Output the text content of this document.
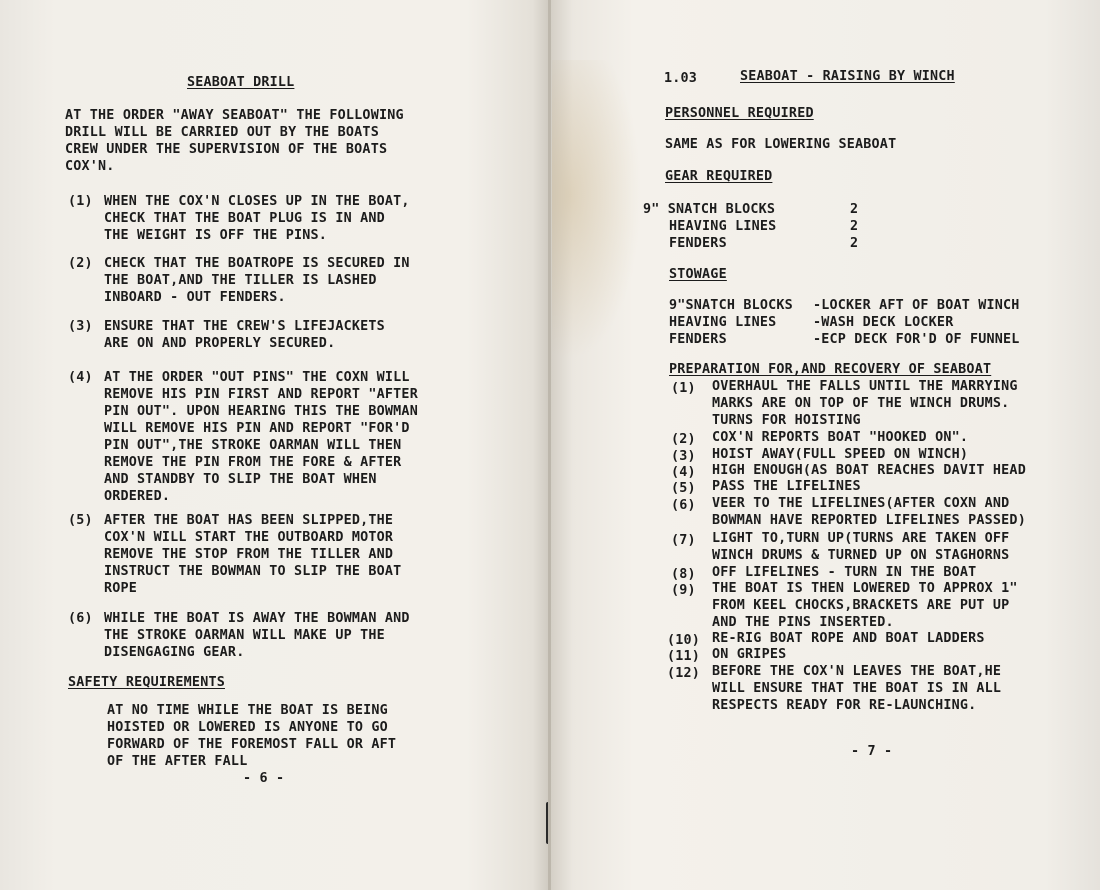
SEABOAT DRILL
AT THE ORDER "AWAY SEABOAT" THE FOLLOWING
DRILL WILL BE CARRIED OUT BY THE BOATS
CREW UNDER THE SUPERVISION OF THE BOATS
COX'N.
(1) WHEN THE COX'N CLOSES UP IN THE BOAT,
CHECK THAT THE BOAT PLUG IS IN AND
THE WEIGHT IS OFF THE PINS.
(2) CHECK THAT THE BOATROPE IS SECURED IN
THE BOAT,AND THE TILLER IS LASHED
INBOARD - OUT FENDERS.
(3) ENSURE THAT THE CREW'S LIFEJACKETS
ARE ON AND PROPERLY SECURED.
(4) AT THE ORDER "OUT PINS" THE COXN WILL
REMOVE HIS PIN FIRST AND REPORT "AFTER
PIN OUT". UPON HEARING THIS THE BOWMAN
WILL REMOVE HIS PIN AND REPORT "FOR'D
PIN OUT",THE STROKE OARMAN WILL THEN
REMOVE THE PIN FROM THE FORE & AFTER
AND STANDBY TO SLIP THE BOAT WHEN
ORDERED.
(5) AFTER THE BOAT HAS BEEN SLIPPED,THE
COX'N WILL START THE OUTBOARD MOTOR
REMOVE THE STOP FROM THE TILLER AND
INSTRUCT THE BOWMAN TO SLIP THE BOAT
ROPE
(6) WHILE THE BOAT IS AWAY THE BOWMAN AND
THE STROKE OARMAN WILL MAKE UP THE
DISENGAGING GEAR.
SAFETY REQUIREMENTS
AT NO TIME WHILE THE BOAT IS BEING
HOISTED OR LOWERED IS ANYONE TO GO
FORWARD OF THE FOREMOST FALL OR AFT
OF THE AFTER FALL
- 6 -
1.03	SEABOAT - RAISING BY WINCH
PERSONNEL REQUIRED
SAME AS FOR LOWERING SEABOAT
GEAR REQUIRED
9" SNATCH BLOCKS	2
HEAVING LINES	2
FENDERS	2
STOWAGE
9"SNATCH BLOCKS -LOCKER AFT OF BOAT WINCH
HEAVING LINES	-WASH DECK LOCKER
FENDERS	-ECP DECK FOR'D OF FUNNEL
PREPARATION FOR,AND RECOVERY OF SEABOAT
(1) OVERHAUL THE FALLS UNTIL THE MARRYING
MARKS ARE ON TOP OF THE WINCH DRUMS.
TURNS FOR HOISTING
(2) COX'N REPORTS BOAT "HOOKED ON".
(3) HOIST AWAY(FULL SPEED ON WINCH)
(4) HIGH ENOUGH(AS BOAT REACHES DAVIT HEAD
(5) PASS THE LIFELINES
(6) VEER TO THE LIFELINES(AFTER COXN AND
BOWMAN HAVE REPORTED LIFELINES PASSED)
(7) LIGHT TO,TURN UP(TURNS ARE TAKEN OFF
WINCH DRUMS & TURNED UP ON STAGHORNS
(8) OFF LIFELINES - TURN IN THE BOAT
(9) THE BOAT IS THEN LOWERED TO APPROX 1"
FROM KEEL CHOCKS,BRACKETS ARE PUT UP
AND THE PINS INSERTED.
(10) RE-RIG BOAT ROPE AND BOAT LADDERS
(11) ON GRIPES
(12) BEFORE THE COX'N LEAVES THE BOAT,HE
WILL ENSURE THAT THE BOAT IS IN ALL
RESPECTS READY FOR RE-LAUNCHING.
- 7 -
